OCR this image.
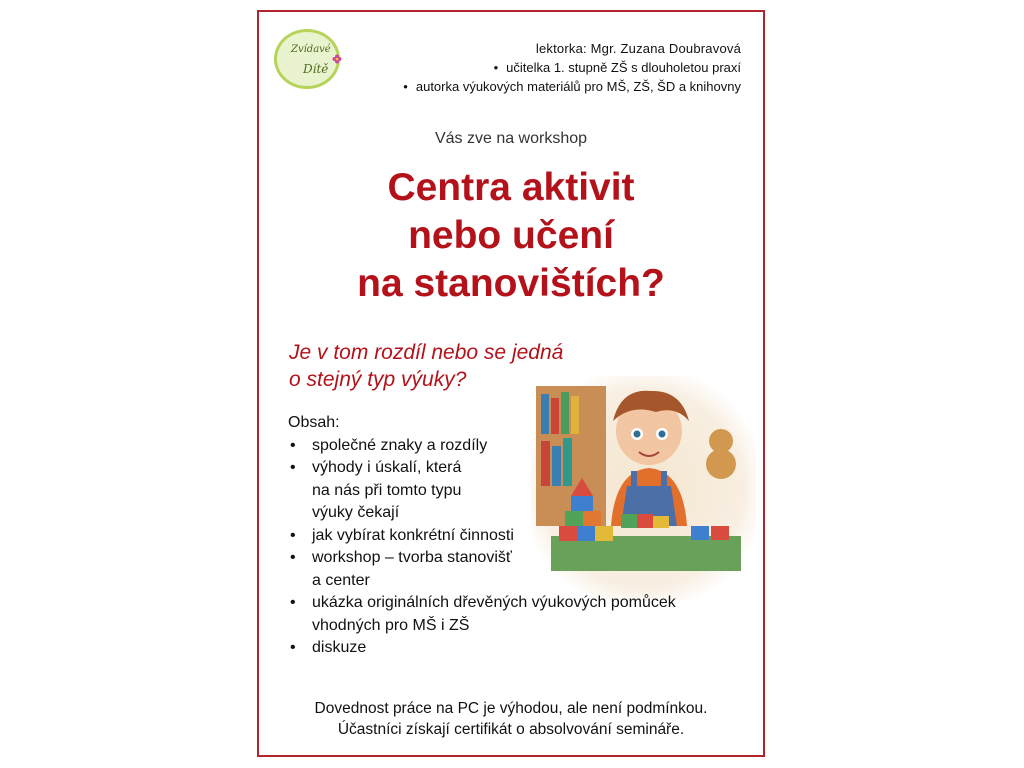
Zvídavé
Dítě
lektorka: Mgr. Zuzana Doubravová
• učitelka 1. stupně ZŠ s dlouholetou praxí
• autorka výukových materiálů pro MŠ, ZŠ, ŠD a knihovny
Vás zve na workshop
Centra aktivit
nebo učení
na stanovištích?
Je v tom rozdíl nebo se jedná
o stejný typ výuky?
Obsah:
• společné znaky a rozdíly
• výhody i úskalí, která
na nás při tomto typu
výuky čekají
• jak vybírat konkrétní činnosti
• workshop – tvorba stanovišť
a center
• ukázka originálních dřevěných výukových pomůcek
vhodných pro MŠ i ZŠ
• diskuze
Dovednost práce na PC je výhodou, ale není podmínkou.
Účastníci získají certifikát o absolvování semináře.
